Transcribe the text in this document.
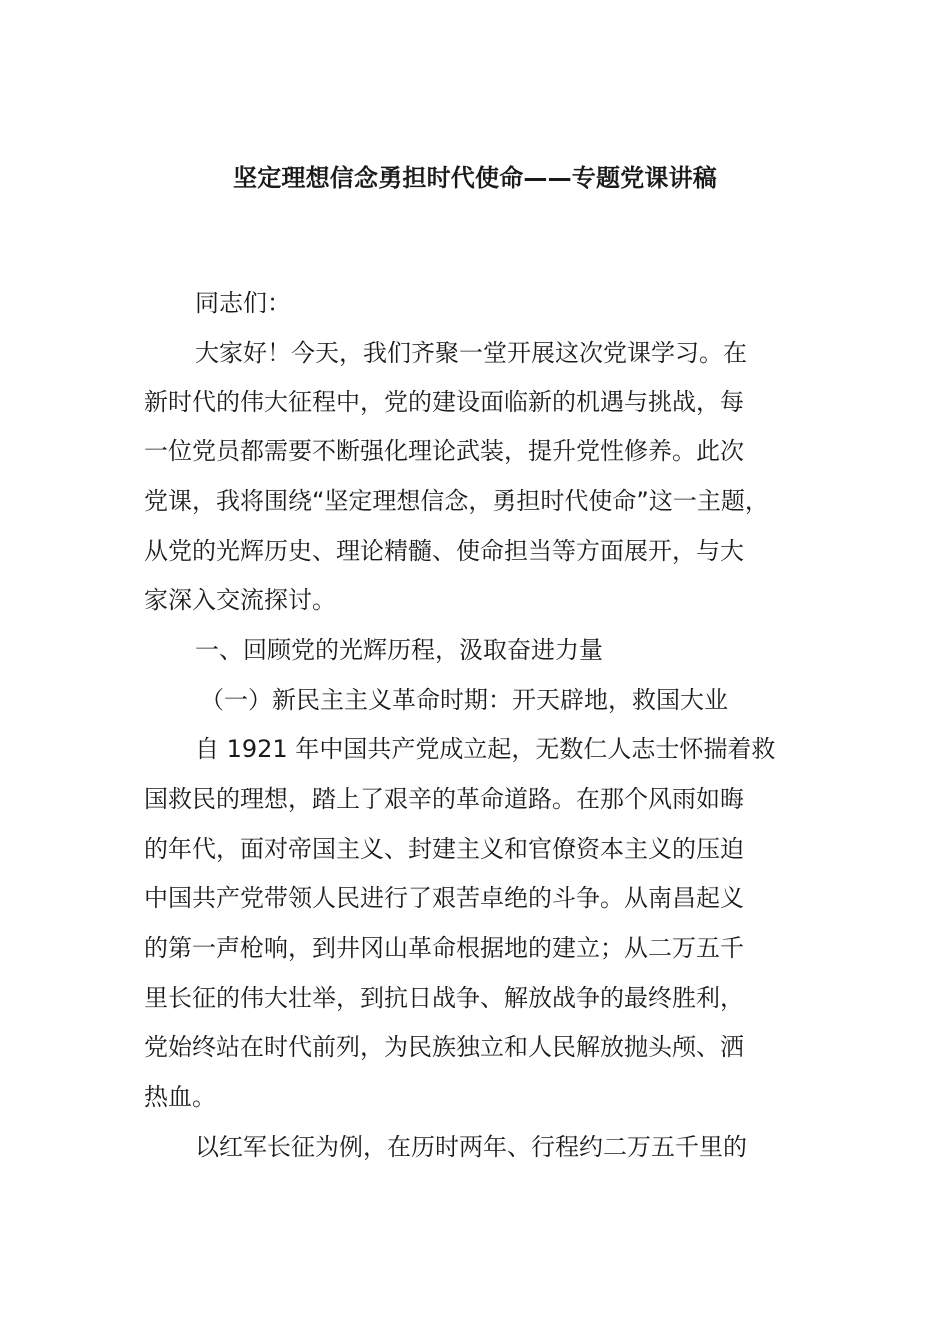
坚定理想信念勇担时代使命——专题党课讲稿
同志们：
大家好！今天，我们齐聚一堂开展这次党课学习。在
新时代的伟大征程中，党的建设面临新的机遇与挑战，每
一位党员都需要不断强化理论武装，提升党性修养。此次
党课，我将围绕“坚定理想信念，勇担时代使命”这一主题，
从党的光辉历史、理论精髓、使命担当等方面展开，与大
家深入交流探讨。
一、回顾党的光辉历程，汲取奋进力量
（一）新民主主义革命时期：开天辟地，救国大业
自 1921 年中国共产党成立起，无数仁人志士怀揣着救
国救民的理想，踏上了艰辛的革命道路。在那个风雨如晦
的年代，面对帝国主义、封建主义和官僚资本主义的压迫
中国共产党带领人民进行了艰苦卓绝的斗争。从南昌起义
的第一声枪响，到井冈山革命根据地的建立；从二万五千
里长征的伟大壮举，到抗日战争、解放战争的最终胜利，
党始终站在时代前列，为民族独立和人民解放抛头颅、洒
热血。
以红军长征为例，在历时两年、行程约二万五千里的
